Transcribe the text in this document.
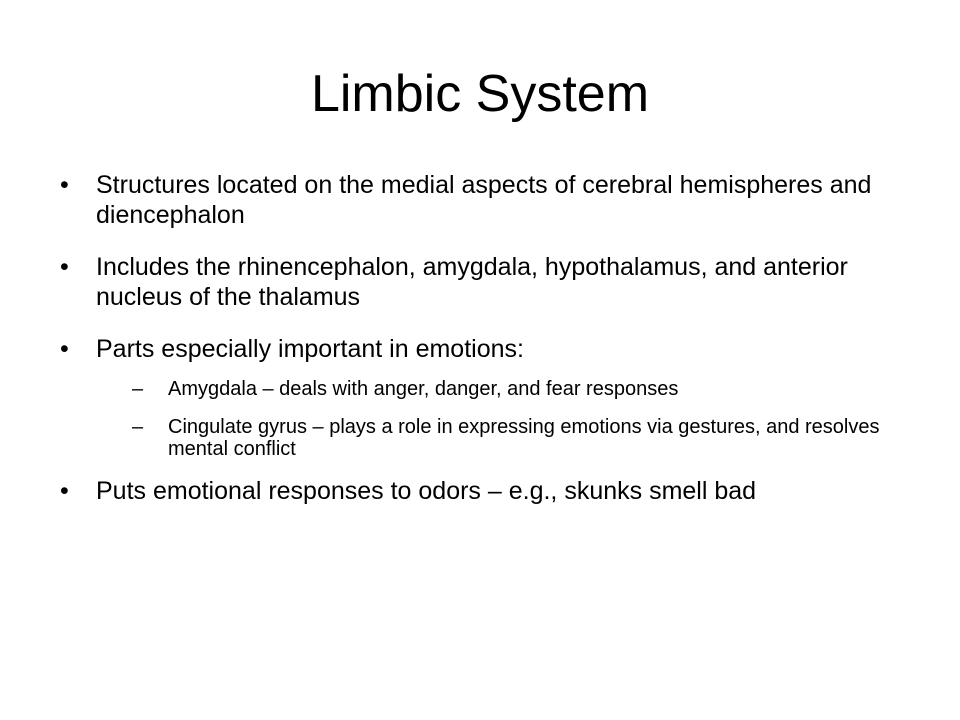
Limbic System
•	Structures located on the medial aspects of cerebral hemispheres and diencephalon
•	Includes the rhinencephalon, amygdala, hypothalamus, and anterior nucleus of the thalamus
•	Parts especially important in emotions:
–	Amygdala – deals with anger, danger, and fear responses
–	Cingulate gyrus – plays a role in expressing emotions via gestures, and resolves mental conflict
•	Puts emotional responses to odors – e.g., skunks smell bad
